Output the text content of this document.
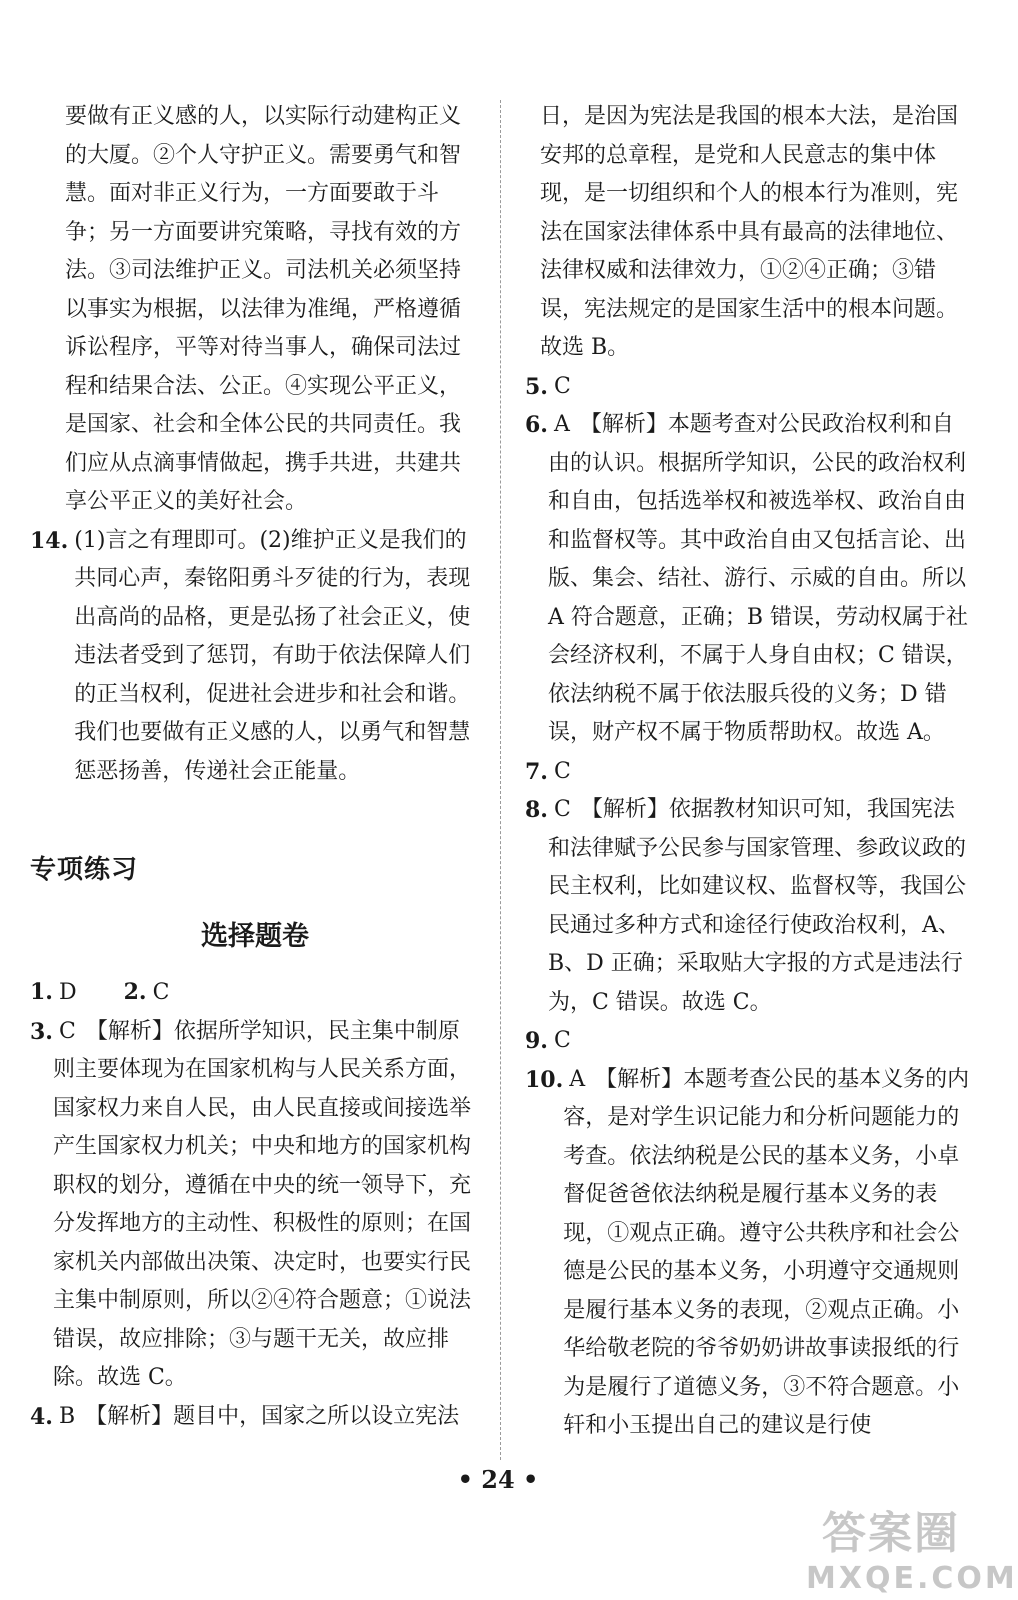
要做有正义感的人，以实际行动建构正义的大厦。②个人守护正义。需要勇气和智慧。面对非正义行为，一方面要敢于斗争；另一方面要讲究策略，寻找有效的方法。③司法维护正义。司法机关必须坚持以事实为根据，以法律为准绳，严格遵循诉讼程序，平等对待当事人，确保司法过程和结果合法、公正。④实现公平正义，是国家、社会和全体公民的共同责任。我们应从点滴事情做起，携手共进，共建共享公平正义的美好社会。

14. (1)言之有理即可。(2)维护正义是我们的共同心声，秦铭阳勇斗歹徒的行为，表现出高尚的品格，更是弘扬了社会正义，使违法者受到了惩罚，有助于依法保障人们的正当权利，促进社会进步和社会和谐。我们也要做有正义感的人，以勇气和智慧惩恶扬善，传递社会正能量。
专项练习
选择题卷
1. D 2. C
3. C 【解析】依据所学知识，民主集中制原则主要体现为在国家机构与人民关系方面，国家权力来自人民，由人民直接或间接选举产生国家权力机关；中央和地方的国家机构职权的划分，遵循在中央的统一领导下，充分发挥地方的主动性、积极性的原则；在国家机关内部做出决策、决定时，也要实行民主集中制原则，所以②④符合题意；①说法错误，故应排除；③与题干无关，故应排除。故选 C。
4. B 【解析】题目中，国家之所以设立宪法

日，是因为宪法是我国的根本大法，是治国安邦的总章程，是党和人民意志的集中体现，是一切组织和个人的根本行为准则，宪法在国家法律体系中具有最高的法律地位、法律权威和法律效力，①②④正确；③错误，宪法规定的是国家生活中的根本问题。故选 B。

5. C
6. A 【解析】本题考查对公民政治权利和自由的认识。根据所学知识，公民的政治权利和自由，包括选举权和被选举权、政治自由和监督权等。其中政治自由又包括言论、出版、集会、结社、游行、示威的自由。所以 A 符合题意，正确；B 错误，劳动权属于社会经济权利，不属于人身自由权；C 错误，依法纳税不属于依法服兵役的义务；D 错误，财产权不属于物质帮助权。故选 A。
7. C
8. C 【解析】依据教材知识可知，我国宪法和法律赋予公民参与国家管理、参政议政的民主权利，比如建议权、监督权等，我国公民通过多种方式和途径行使政治权利，A、B、D 正确；采取贴大字报的方式是违法行为，C 错误。故选 C。
9. C
10. A 【解析】本题考查公民的基本义务的内容，是对学生识记能力和分析问题能力的考查。依法纳税是公民的基本义务，小卓督促爸爸依法纳税是履行基本义务的表现，①观点正确。遵守公共秩序和社会公德是公民的基本义务，小玥遵守交通规则是履行基本义务的表现，②观点正确。小华给敬老院的爷爷奶奶讲故事读报纸的行为是履行了道德义务，③不符合题意。小轩和小玉提出自己的建议是行使
• 24 •
答案圈
MXQE.COM
